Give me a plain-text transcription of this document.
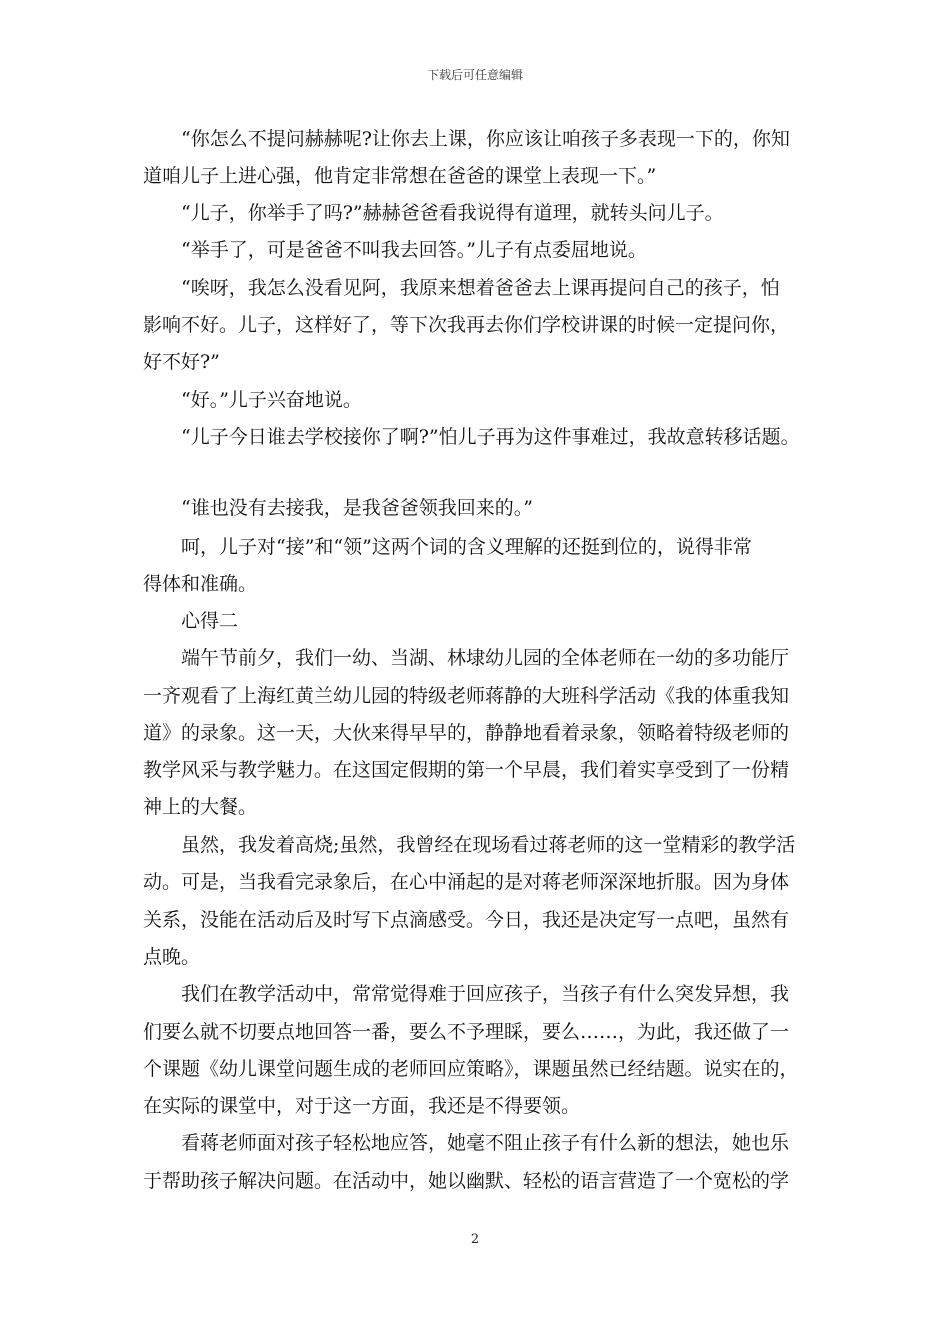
下载后可任意编辑
“你怎么不提问赫赫呢?让你去上课，你应该让咱孩子多表现一下的，你知
道咱儿子上进心强，他肯定非常想在爸爸的课堂上表现一下。”
“儿子，你举手了吗?”赫赫爸爸看我说得有道理，就转头问儿子。
“举手了，可是爸爸不叫我去回答。”儿子有点委屈地说。
“唉呀，我怎么没看见阿，我原来想着爸爸去上课再提问自己的孩子，怕
影响不好。儿子，这样好了，等下次我再去你们学校讲课的时候一定提问你，
好不好?”
“好。”儿子兴奋地说。
“儿子今日谁去学校接你了啊?”怕儿子再为这件事难过，我故意转移话题。
“谁也没有去接我，是我爸爸领我回来的。”
呵，儿子对“接”和“领”这两个词的含义理解的还挺到位的，说得非常
得体和准确。
心得二
端午节前夕，我们一幼、当湖、林埭幼儿园的全体老师在一幼的多功能厅
一齐观看了上海红黄兰幼儿园的特级老师蒋静的大班科学活动《我的体重我知
道》的录象。这一天，大伙来得早早的，静静地看着录象，领略着特级老师的
教学风采与教学魅力。在这国定假期的第一个早晨，我们着实享受到了一份精
神上的大餐。
虽然，我发着高烧;虽然，我曾经在现场看过蒋老师的这一堂精彩的教学活
动。可是，当我看完录象后，在心中涌起的是对蒋老师深深地折服。因为身体
关系，没能在活动后及时写下点滴感受。今日，我还是决定写一点吧，虽然有
点晚。
我们在教学活动中，常常觉得难于回应孩子，当孩子有什么突发异想，我
们要么就不切要点地回答一番，要么不予理睬，要么……，为此，我还做了一
个课题《幼儿课堂问题生成的老师回应策略》，课题虽然已经结题。说实在的，
在实际的课堂中，对于这一方面，我还是不得要领。
看蒋老师面对孩子轻松地应答，她毫不阻止孩子有什么新的想法，她也乐
于帮助孩子解决问题。在活动中，她以幽默、轻松的语言营造了一个宽松的学
2
